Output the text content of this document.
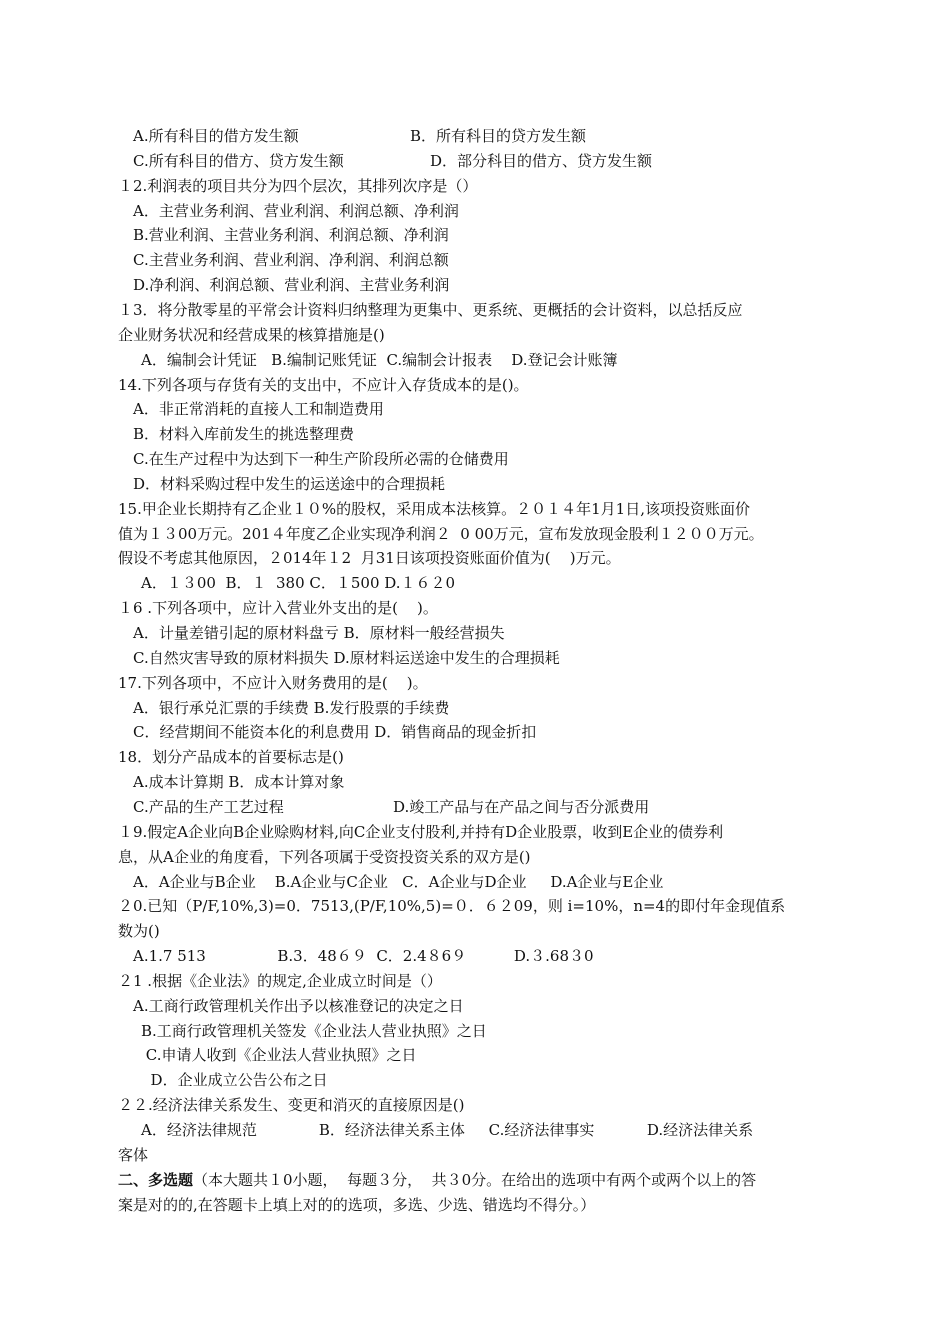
A.所有科目的借方发生额	B．所有科目的贷方发生额

C.所有科目的借方、贷方发生额	D．部分科目的借方、贷方发生额

１2.利润表的项目共分为四个层次，其排列次序是（）

A．主营业务利润、营业利润、利润总额、净利润

B.营业利润、主营业务利润、利润总额、净利润

C.主营业务利润、营业利润、净利润、利润总额

D.净利润、利润总额、营业利润、主营业务利润

１3．将分散零星的平常会计资料归纳整理为更集中、更系统、更概括的会计资料，以总括反应

企业财务状况和经营成果的核算措施是()

A．编制会计凭证   B.编制记账凭证  C.编制会计报表    D.登记会计账簿

14.下列各项与存货有关的支出中，不应计入存货成本的是()。

A．非正常消耗的直接人工和制造费用

B．材料入库前发生的挑选整理费

C.在生产过程中为达到下一种生产阶段所必需的仓储费用

D．材料采购过程中发生的运送途中的合理损耗

15.甲企业长期持有乙企业１０%的股权，采用成本法核算。２０１４年1月1日,该项投资账面价

值为１３00万元。201４年度乙企业实现净利润２  0 00万元，宣布发放现金股利１２００万元。

假设不考虑其他原因，２014年１2  月31日该项投资账面价值为(    )万元。

A．１３00  B．１  380 C．１500 D.１６２0

１6 .下列各项中，应计入营业外支出的是(    )。

A．计量差错引起的原材料盘亏 B．原材料一般经营损失

C.自然灾害导致的原材料损失 D.原材料运送途中发生的合理损耗

17.下列各项中，不应计入财务费用的是(    )。

A．银行承兑汇票的手续费 B.发行股票的手续费

C．经营期间不能资本化的利息费用 D．销售商品的现金折扣

18．划分产品成本的首要标志是()

A.成本计算期 B．成本计算对象

C.产品的生产工艺过程	D.竣工产品与在产品之间与否分派费用

１9.假定A企业向B企业赊购材料,向C企业支付股利,并持有D企业股票，收到E企业的债券利

息，从A企业的角度看，下列各项属于受资投资关系的双方是()

A．A企业与B企业    B.A企业与C企业   C．A企业与D企业     D.A企业与E企业

２0.已知（P/F,10%,3)=0．7513,(P/F,10%,5)=０．６２09，则 i=10%，n=4的即付年金现值系

数为()

A.1.7 513               B.3．48６９  C．2.4８6９          D.３.68３0

２1 .根据《企业法》的规定,企业成立时间是（）

A.工商行政管理机关作出予以核准登记的决定之日

B.工商行政管理机关签发《企业法人营业执照》之日

C.申请人收到《企业法人营业执照》之日

D．企业成立公告公布之日

２２.经济法律关系发生、变更和消灭的直接原因是()

A．经济法律规范             B．经济法律关系主体     C.经济法律事实           D.经济法律关系

客体

二、多选题（本大题共１0小题，  每题３分，  共３0分。在给出的选项中有两个或两个以上的答

案是对的的,在答题卡上填上对的的选项，多选、少选、错选均不得分。）
